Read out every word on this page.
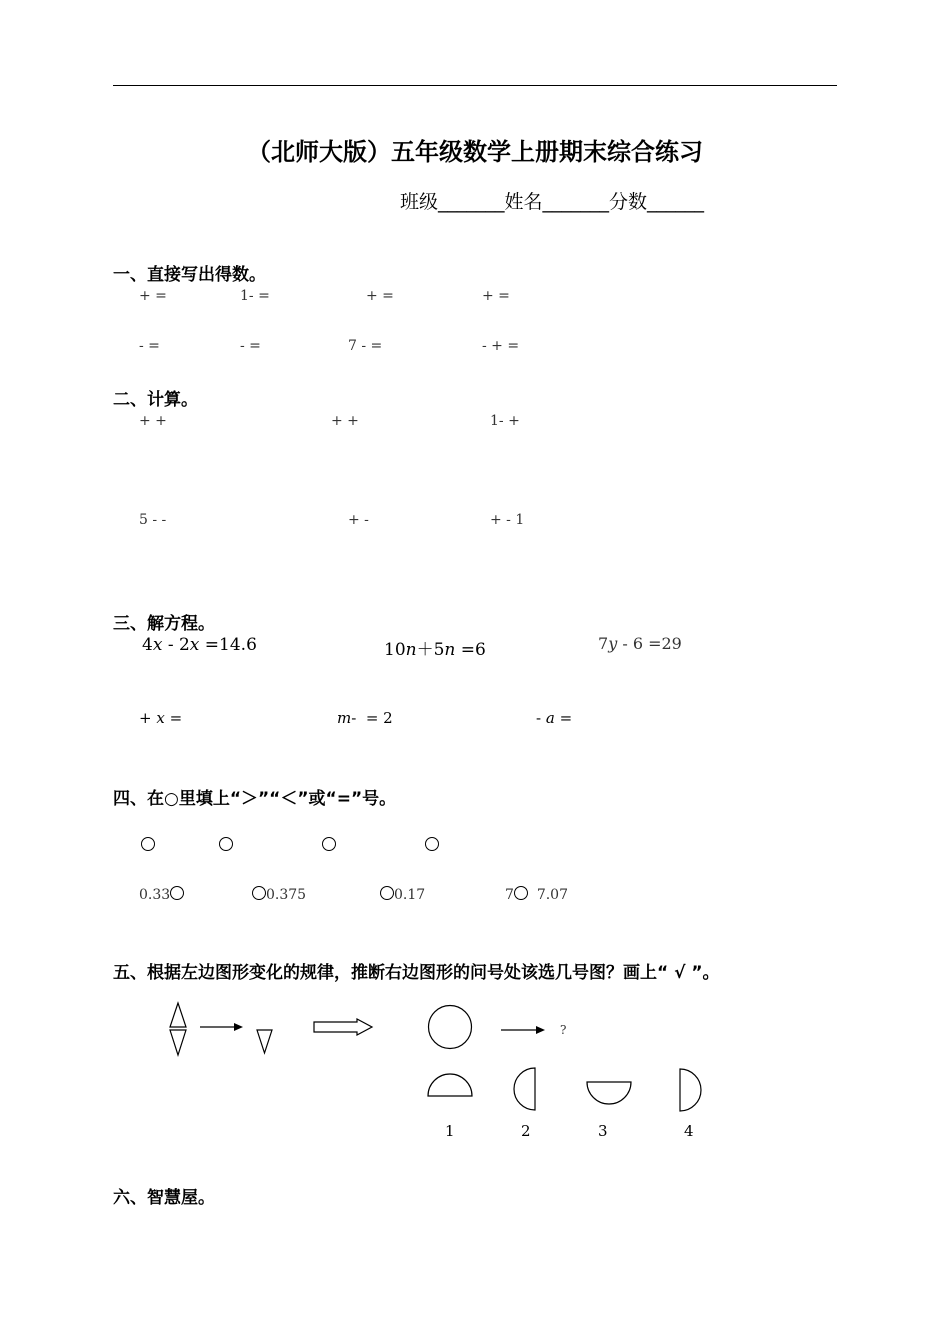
（北师大版）五年级数学上册期末综合练习
班级_______姓名_______分数______
一、直接写出得数。
+ =	1- =	+ =	+ =
- =	- =	7 - =	- + =
二、计算。
+ +	+ +	1- +
5 - -	+ -	+ - 1
三、解方程。
4x - 2x =14.6	10n＋5n =6	7y - 6 =29
+ x =	m-  = 2	- a =
四、在○里填上“＞”“＜”或“=”号。
0.33	0.375	0.17	7  7.07
五、根据左边图形变化的规律，推断右边图形的问号处该选几号图？画上“ √ ”。
?
1	2	3	4
六、智慧屋。
